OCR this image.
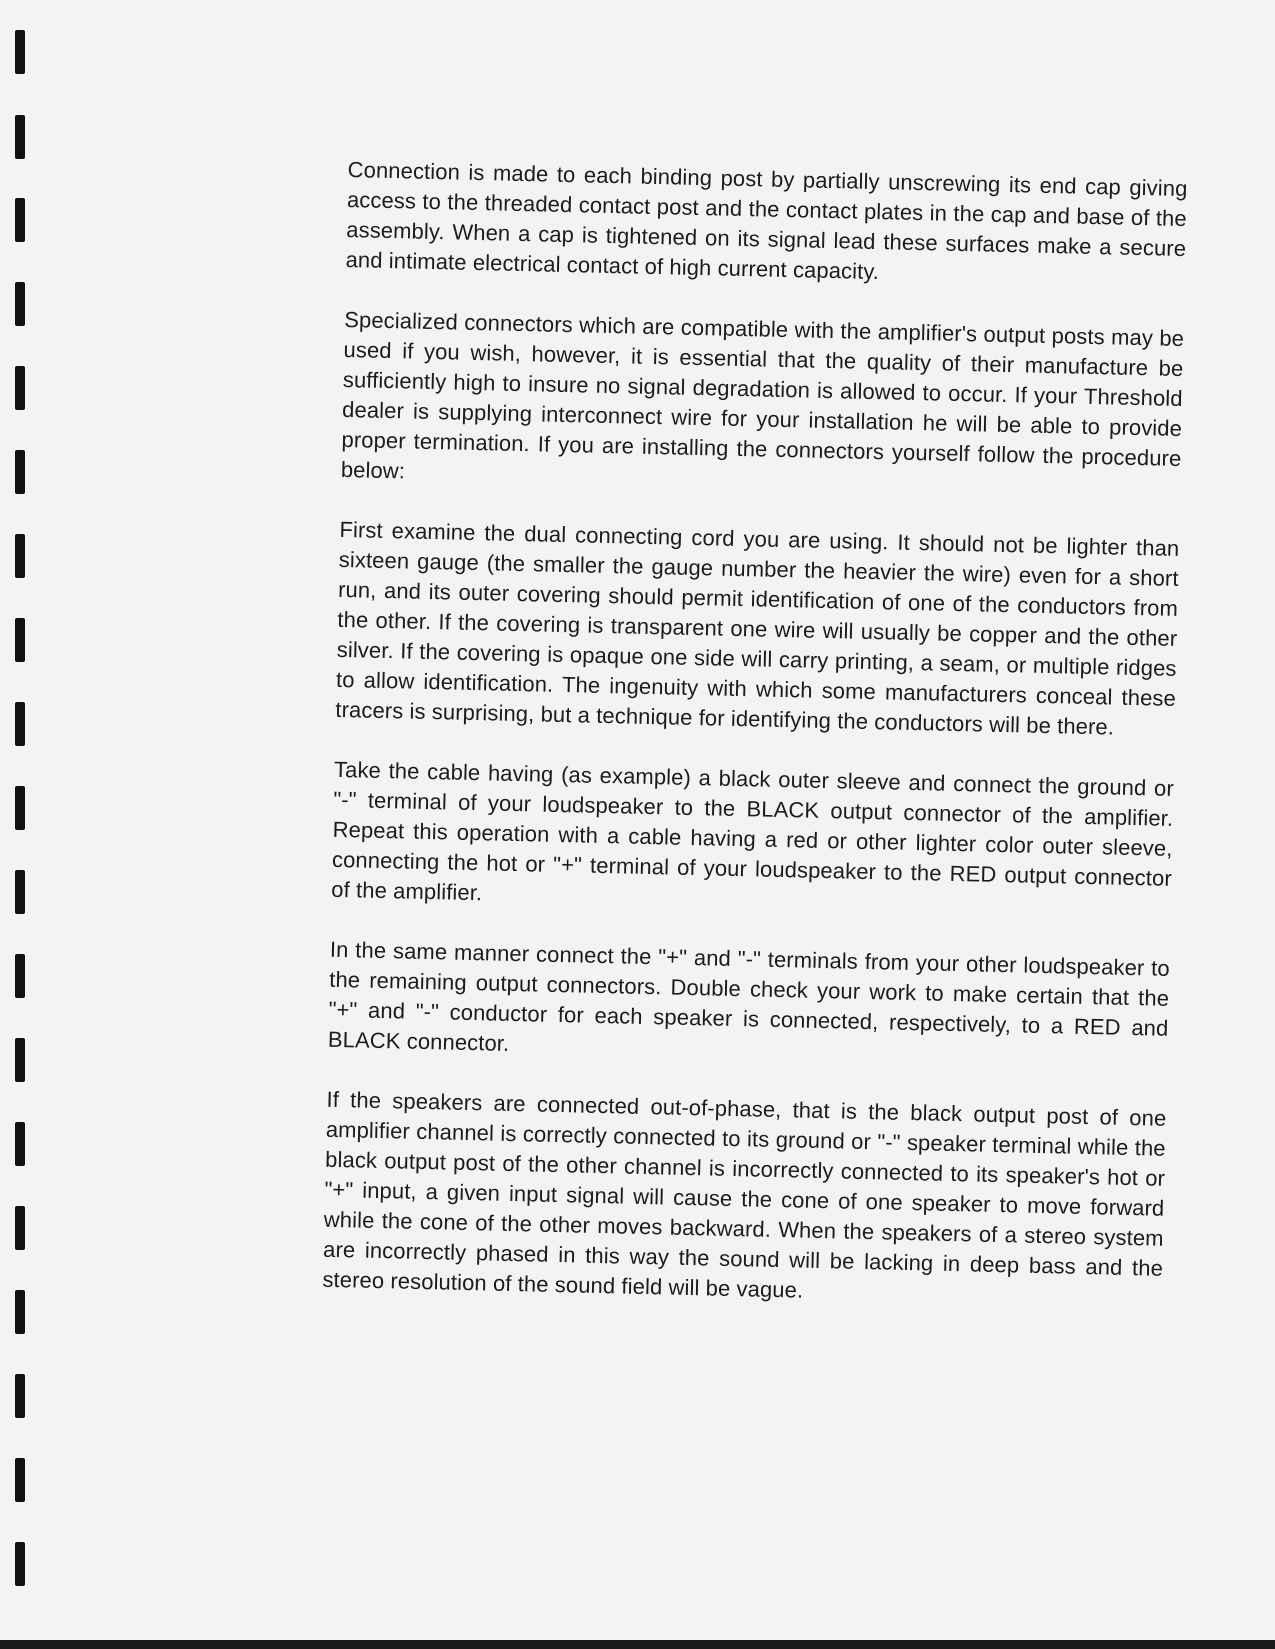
Connection is made to each binding post by partially unscrewing its end cap giving access to the threaded contact post and the contact plates in the cap and base of the assembly. When a cap is tightened on its signal lead these surfaces make a secure and intimate electrical contact of high current capacity.

Specialized connectors which are compatible with the amplifier's output posts may be used if you wish, however, it is essential that the quality of their manufacture be sufficiently high to insure no signal degradation is allowed to occur. If your Threshold dealer is supplying interconnect wire for your installation he will be able to provide proper termination. If you are installing the connectors yourself follow the procedure below:

First examine the dual connecting cord you are using. It should not be lighter than sixteen gauge (the smaller the gauge number the heavier the wire) even for a short run, and its outer covering should permit identification of one of the conductors from the other. If the covering is transparent one wire will usually be copper and the other silver. If the covering is opaque one side will carry printing, a seam, or multiple ridges to allow identification. The ingenuity with which some manufacturers conceal these tracers is surprising, but a technique for identifying the conductors will be there.

Take the cable having (as example) a black outer sleeve and connect the ground or "-" terminal of your loudspeaker to the BLACK output connector of the amplifier. Repeat this operation with a cable having a red or other lighter color outer sleeve, connecting the hot or "+" terminal of your loudspeaker to the RED output connector of the amplifier.

In the same manner connect the "+" and "-" terminals from your other loudspeaker to the remaining output connectors. Double check your work to make certain that the "+" and "-" conductor for each speaker is connected, respectively, to a RED and BLACK connector.

If the speakers are connected out-of-phase, that is the black output post of one amplifier channel is correctly connected to its ground or "-" speaker terminal while the black output post of the other channel is incorrectly connected to its speaker's hot or "+" input, a given input signal will cause the cone of one speaker to move forward while the cone of the other moves backward. When the speakers of a stereo system are incorrectly phased in this way the sound will be lacking in deep bass and the stereo resolution of the sound field will be vague.
